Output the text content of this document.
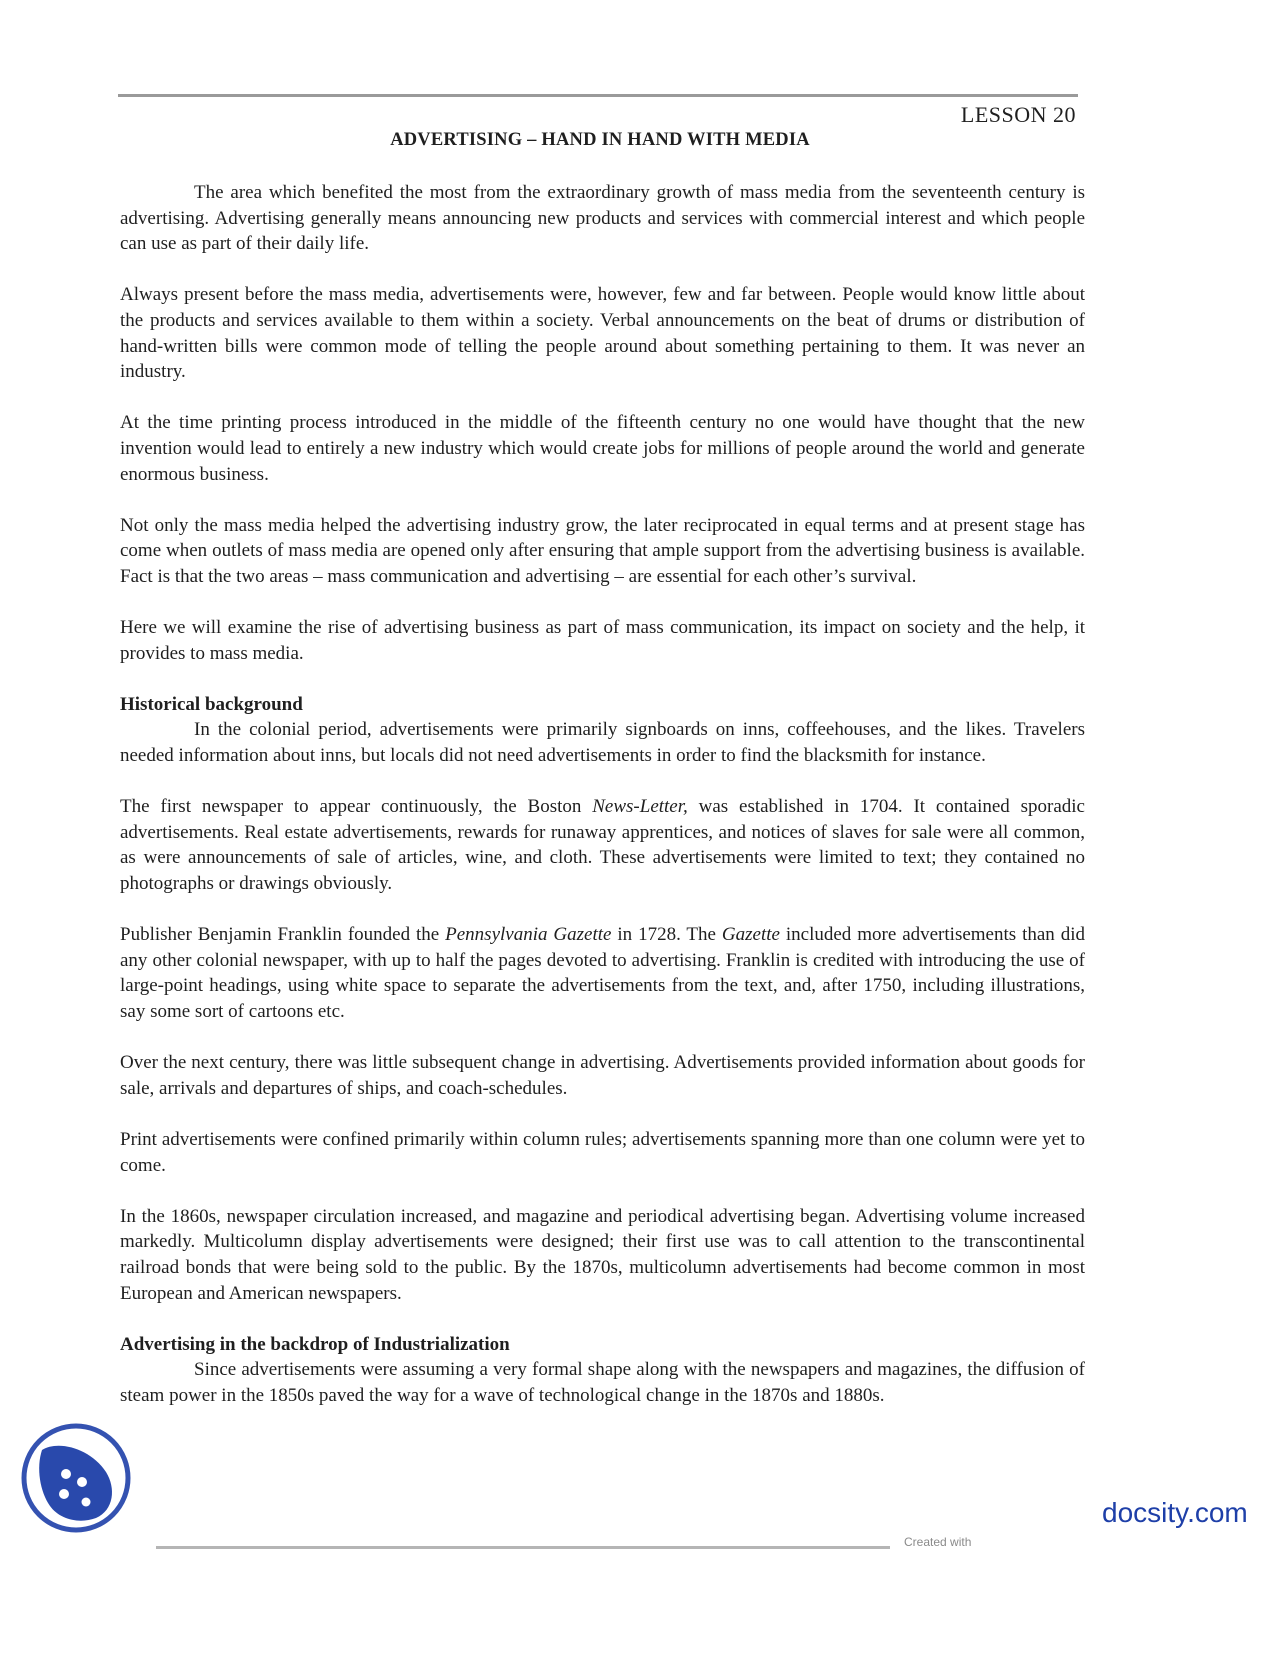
LESSON 20
ADVERTISING – HAND IN HAND WITH MEDIA

The area which benefited the most from the extraordinary growth of mass media from the seventeenth century is advertising. Advertising generally means announcing new products and services with commercial interest and which people can use as part of their daily life.

Always present before the mass media, advertisements were, however, few and far between. People would know little about the products and services available to them within a society. Verbal announcements on the beat of drums or distribution of hand-written bills were common mode of telling the people around about something pertaining to them. It was never an industry.

At the time printing process introduced in the middle of the fifteenth century no one would have thought that the new invention would lead to entirely a new industry which would create jobs for millions of people around the world and generate enormous business.

Not only the mass media helped the advertising industry grow, the later reciprocated in equal terms and at present stage has come when outlets of mass media are opened only after ensuring that ample support from the advertising business is available. Fact is that the two areas – mass communication and advertising – are essential for each other’s survival.

Here we will examine the rise of advertising business as part of mass communication, its impact on society and the help, it provides to mass media.

Historical background

In the colonial period, advertisements were primarily signboards on inns, coffeehouses, and the likes. Travelers needed information about inns, but locals did not need advertisements in order to find the blacksmith for instance.

The first newspaper to appear continuously, the Boston News-Letter, was established in 1704. It contained sporadic advertisements. Real estate advertisements, rewards for runaway apprentices, and notices of slaves for sale were all common, as were announcements of sale of articles, wine, and cloth. These advertisements were limited to text; they contained no photographs or drawings obviously.

Publisher Benjamin Franklin founded the Pennsylvania Gazette in 1728. The Gazette included more advertisements than did any other colonial newspaper, with up to half the pages devoted to advertising. Franklin is credited with introducing the use of large-point headings, using white space to separate the advertisements from the text, and, after 1750, including illustrations, say some sort of cartoons etc.

Over the next century, there was little subsequent change in advertising. Advertisements provided information about goods for sale, arrivals and departures of ships, and coach-schedules.

Print advertisements were confined primarily within column rules; advertisements spanning more than one column were yet to come.

In the 1860s, newspaper circulation increased, and magazine and periodical advertising began. Advertising volume increased markedly. Multicolumn display advertisements were designed; their first use was to call attention to the transcontinental railroad bonds that were being sold to the public. By the 1870s, multicolumn advertisements had become common in most European and American newspapers.

Advertising in the backdrop of Industrialization

Since advertisements were assuming a very formal shape along with the newspapers and magazines, the diffusion of steam power in the 1850s paved the way for a wave of technological change in the 1870s and 1880s.

docsity.com
Created with
